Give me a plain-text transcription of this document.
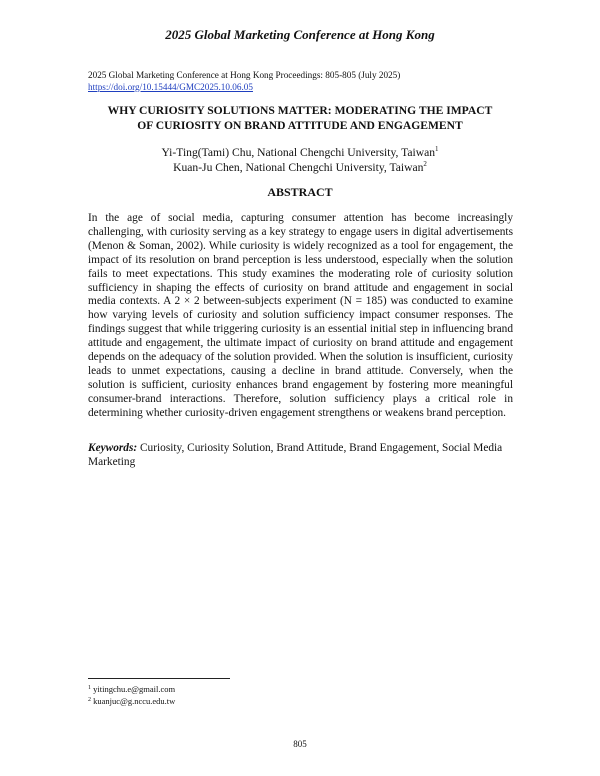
2025 Global Marketing Conference at Hong Kong
2025 Global Marketing Conference at Hong Kong Proceedings: 805-805 (July 2025)
https://doi.org/10.15444/GMC2025.10.06.05
WHY CURIOSITY SOLUTIONS MATTER: MODERATING THE IMPACT
OF CURIOSITY ON BRAND ATTITUDE AND ENGAGEMENT
Yi-Ting(Tami) Chu, National Chengchi University, Taiwan$^1$
Kuan-Ju Chen, National Chengchi University, Taiwan$^2$
ABSTRACT
In the age of social media, capturing consumer attention has become increasingly challenging, with curiosity serving as a key strategy to engage users in digital advertisements (Menon & Soman, 2002). While curiosity is widely recognized as a tool for engagement, the impact of its resolution on brand perception is less understood, especially when the solution fails to meet expectations. This study examines the moderating role of curiosity solution sufficiency in shaping the effects of curiosity on brand attitude and engagement in social media contexts. A 2 × 2 between-subjects experiment (N = 185) was conducted to examine how varying levels of curiosity and solution sufficiency impact consumer responses. The findings suggest that while triggering curiosity is an essential initial step in influencing brand attitude and engagement, the ultimate impact of curiosity on brand attitude and engagement depends on the adequacy of the solution provided. When the solution is insufficient, curiosity leads to unmet expectations, causing a decline in brand attitude. Conversely, when the solution is sufficient, curiosity enhances brand engagement by fostering more meaningful consumer-brand interactions. Therefore, solution sufficiency plays a critical role in determining whether curiosity-driven engagement strengthens or weakens brand perception.
Keywords: Curiosity, Curiosity Solution, Brand Attitude, Brand Engagement, Social Media Marketing
$^1$ yitingchu.e@gmail.com
$^2$ kuanjuc@g.nccu.edu.tw
805
